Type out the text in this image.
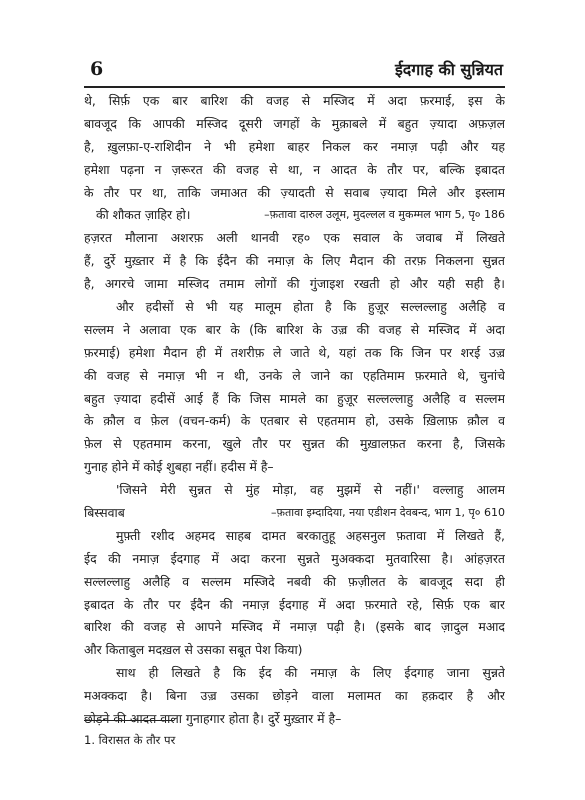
6	ईदगाह की सुन्नियत
थे, सिर्फ़ एक बार बारिश की वजह से मस्जिद में अदा फ़रमाई, इस के
बावजूद कि आपकी मस्जिद दूसरी जगहों के मुक़ाबले में बहुत ज़्यादा अफ़ज़ल
है, ख़ुलफ़ा-ए-राशिदीन ने भी हमेशा बाहर निकल कर नमाज़ पढ़ी और यह
हमेशा पढ़ना न ज़रूरत की वजह से था, न आदत के तौर पर, बल्कि इबादत
के तौर पर था, ताकि जमाअत की ज़्यादती से सवाब ज़्यादा मिले और इस्लाम
की शौकत ज़ाहिर हो।	–फ़तावा दारुल उलूम, मुदल्लल व मुकम्मल भाग 5, पृ० 186
हज़रत मौलाना अशरफ़ अली थानवी रह० एक सवाल के जवाब में लिखते
हैं, दुर्रे मुख़्तार में है कि ईदैन की नमाज़ के लिए मैदान की तरफ़ निकलना सुन्नत
है, अगरचे जामा मस्जिद तमाम लोगों की गुंजाइश रखती हो और यही सही है।
और हदीसों से भी यह मालूम होता है कि हुज़ूर सल्लल्लाहु अलैहि व
सल्लम ने अलावा एक बार के (कि बारिश के उज़्र की वजह से मस्जिद में अदा
फ़रमाई) हमेशा मैदान ही में तशरीफ़ ले जाते थे, यहां तक कि जिन पर शरई उज़्र
की वजह से नमाज़ भी न थी, उनके ले जाने का एहतिमाम फ़रमाते थे, चुनांचे
बहुत ज़्यादा हदीसें आई हैं कि जिस मामले का हुज़ूर सल्लल्लाहु अलैहि व सल्लम
के क़ौल व फ़ेल (वचन-कर्म) के एतबार से एहतमाम हो, उसके ख़िलाफ़ क़ौल व
फ़ेल से एहतमाम करना, खुले तौर पर सुन्नत की मुख़ालफ़त करना है, जिसके
गुनाह होने में कोई शुबहा नहीं। हदीस में है–
'जिसने मेरी सुन्नत से मुंह मोड़ा, वह मुझमें से नहीं।' वल्लाहु आलम
बिस्सवाब	–फ़तावा इम्दादिया, नया एडीशन देवबन्द, भाग 1, पृ० 610
मुफ़्ती रशीद अहमद साहब दामत बरकातुहू अहसनुल फ़तावा में लिखते हैं,
ईद की नमाज़ ईदगाह में अदा करना सुन्नते मुअक्कदा मुतवारिसा है। आंहज़रत
सल्लल्लाहु अलैहि व सल्लम मस्जिदे नबवी की फ़ज़ीलत के बावजूद सदा ही
इबादत के तौर पर ईदैन की नमाज़ ईदगाह में अदा फ़रमाते रहे, सिर्फ़ एक बार
बारिश की वजह से आपने मस्जिद में नमाज़ पढ़ी है। (इसके बाद ज़ादुल मआद
और किताबुल मदख़ल से उसका सबूत पेश किया)
साथ ही लिखते है कि ईद की नमाज़ के लिए ईदगाह जाना सुन्नते
मअक्कदा है। बिना उज़्र उसका छोड़ने वाला मलामत का हक़दार है और
छोड़ने की आदत वाला गुनाहगार होता है। दुर्रे मुख़्तार में है–
1. विरासत के तौर पर
